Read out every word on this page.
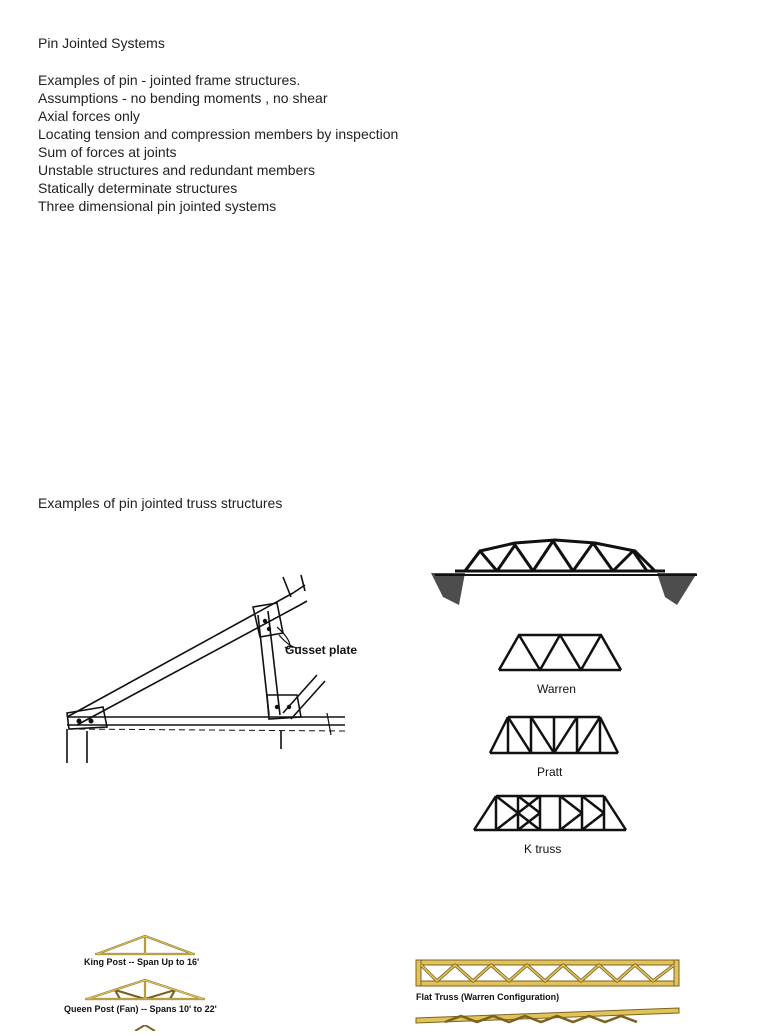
Pin Jointed Systems
Examples of pin - jointed frame structures.
Assumptions - no bending moments , no shear
Axial forces only
Locating tension and compression members by inspection
Sum of forces at joints
Unstable structures and redundant members
Statically determinate structures
Three dimensional pin jointed systems
Examples of pin jointed truss structures
Gusset plate
Warren
Pratt
K truss
King Post -- Span Up to 16'
Queen Post (Fan) -- Spans 10' to 22'
Flat Truss (Warren Configuration)
